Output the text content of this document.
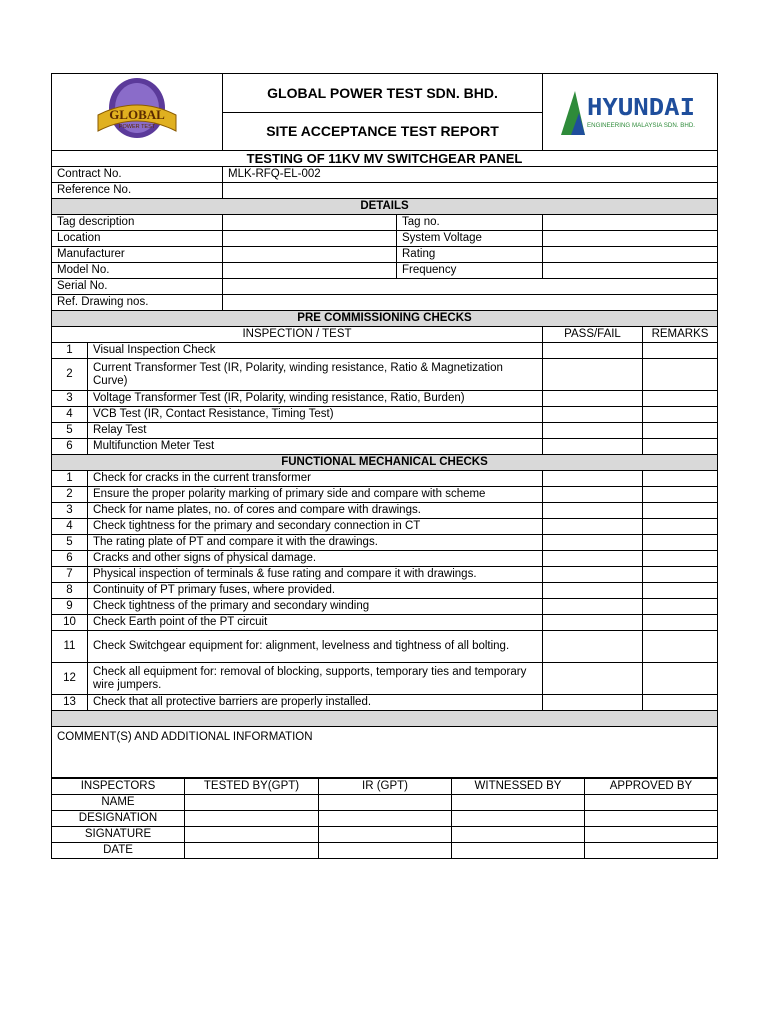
GLOBAL
POWER TEST		GLOBAL POWER TEST SDN. BHD.		HYUNDAI
ENGINEERING MALAYSIA SDN. BHD.	

		SITE ACCEPTANCE TEST REPORT			
TESTING OF 11KV MV SWITCHGEAR PANEL					
Contract No.		MLK-RFQ-EL-002			
Reference No.					
DETAILS					
Tag description			Tag no.		
Location			System Voltage		
Manufacturer			Rating		
Model No.			Frequency		
Serial No.					
Ref. Drawing nos.					
PRE COMMISSIONING CHECKS					
INSPECTION / TEST				PASS/FAIL	REMARKS
1	Visual Inspection Check				
2	Current Transformer Test (IR, Polarity, winding resistance, Ratio & Magnetization Curve)				
3	Voltage Transformer Test (IR, Polarity, winding resistance, Ratio, Burden)				
4	VCB Test (IR, Contact Resistance, Timing Test)				
5	Relay Test				
6	Multifunction Meter Test				
FUNCTIONAL MECHANICAL CHECKS					
1	Check for cracks in the current transformer				
2	Ensure the proper polarity marking of primary side and compare with scheme				
3	Check for name plates, no. of cores and compare with drawings.				
4	Check tightness for the primary and secondary connection in CT				
5	The rating plate of PT and compare it with the drawings.				
6	Cracks and other signs of physical damage.				
7	Physical inspection of terminals & fuse rating and compare it with drawings.				
8	Continuity of PT primary fuses, where provided.				
9	Check tightness of the primary and secondary winding				
10	Check Earth point of the PT circuit				
11	Check Switchgear equipment for: alignment, levelness and tightness of all bolting.				
12	Check all equipment for: removal of blocking, supports, temporary ties and temporary wire jumpers.				
13	Check that all protective barriers are properly installed.				

COMMENT(S) AND ADDITIONAL INFORMATION					
INSPECTORS	TESTED BY(GPT)	IR (GPT)	WITNESSED BY	APPROVED BY
NAME				
DESIGNATION				
SIGNATURE				
DATE				
